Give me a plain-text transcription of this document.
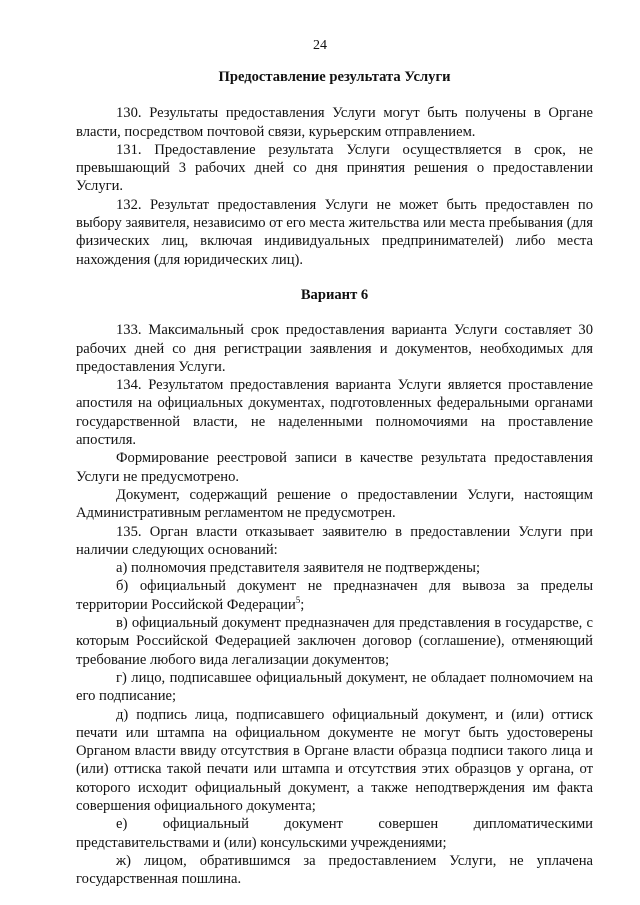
24
Предоставление результата Услуги

130. Результаты предоставления Услуги могут быть получены в Органе власти, посредством почтовой связи, курьерским отправлением.

131. Предоставление результата Услуги осуществляется в срок, не превышающий 3 рабочих дней со дня принятия решения о предоставлении Услуги.

132. Результат предоставления Услуги не может быть предоставлен по выбору заявителя, независимо от его места жительства или места пребывания (для физических лиц, включая индивидуальных предпринимателей) либо места нахождения (для юридических лиц).

Вариант 6

133. Максимальный срок предоставления варианта Услуги составляет 30 рабочих дней со дня регистрации заявления и документов, необходимых для предоставления Услуги.

134. Результатом предоставления варианта Услуги является проставление апостиля на официальных документах, подготовленных федеральными органами государственной власти, не наделенными полномочиями на проставление апостиля.

Формирование реестровой записи в качестве результата предоставления Услуги не предусмотрено.

Документ, содержащий решение о предоставлении Услуги, настоящим Административным регламентом не предусмотрен.

135. Орган власти отказывает заявителю в предоставлении Услуги при наличии следующих оснований:

а) полномочия представителя заявителя не подтверждены;

б) официальный документ не предназначен для вывоза за пределы территории Российской Федерации$^5$;

в) официальный документ предназначен для представления в государстве, с которым Российской Федерацией заключен договор (соглашение), отменяющий требование любого вида легализации документов;

г) лицо, подписавшее официальный документ, не обладает полномочием на его подписание;

д) подпись лица, подписавшего официальный документ, и (или) оттиск печати или штампа на официальном документе не могут быть удостоверены Органом власти ввиду отсутствия в Органе власти образца подписи такого лица и (или) оттиска такой печати или штампа и отсутствия этих образцов у органа, от которого исходит официальный документ, а также неподтверждения им факта совершения официального документа;

е) официальный документ совершен дипломатическими представительствами и (или) консульскими учреждениями;

ж) лицом, обратившимся за предоставлением Услуги, не уплачена государственная пошлина.
